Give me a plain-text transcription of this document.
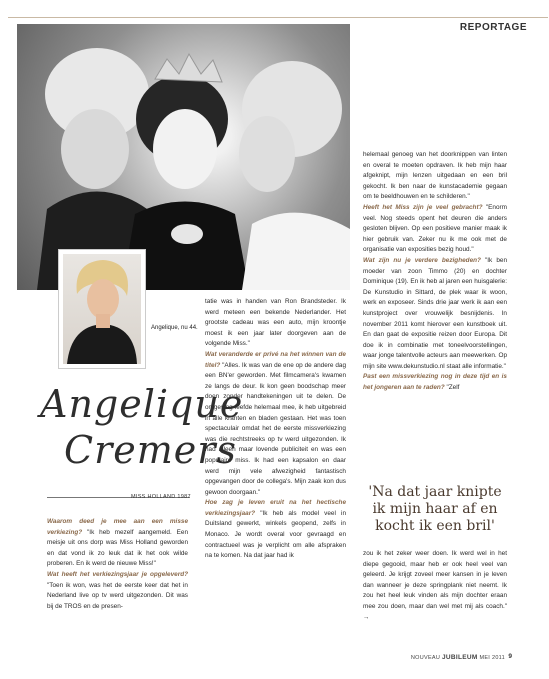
REPORTAGE
Angelique, nu 44.
Angelique
Cremers
MISS HOLLAND 1987
Waarom deed je mee aan een misse verkiezing? "Ik heb mezelf aangemeld. Een meisje uit ons dorp was Miss Holland geworden en dat vond ik zo leuk dat ik het ook wilde proberen. En ik werd de nieuwe Miss!"
Wat heeft het verkiezingsjaar je opgeleverd? "Toen ik won, was het de eerste keer dat het in Nederland live op tv werd uitgezonden. Dit was bij de TROS en de presen-
tatie was in handen van Ron Brandsteder. Ik werd meteen een bekende Nederlander. Het grootste cadeau was een auto, mijn kroontje moest ik een jaar later doorgeven aan de volgende Miss."
Wat veranderde er privé na het winnen van de titel? "Alles. Ik was van de ene op de andere dag een BN'er geworden. Met filmcamera's kwamen ze langs de deur. Ik kon geen boodschap meer doen zonder handtekeningen uit te delen. De omgeving leefde helemaal mee, ik heb uitgebreid in alle kranten en bladen gestaan. Het was toen spectaculair omdat het de eerste missverkiezing was die rechtstreeks op tv werd uitgezonden. Ik had alleen maar lovende publiciteit en was een populaire miss. Ik had een kapsalon en daar werd mijn vele afwezigheid fantastisch opgevangen door de collega's. Mijn zaak kon dus gewoon doorgaan."
Hoe zag je leven eruit na het hectische verkiezingsjaar? "Ik heb als model veel in Duitsland gewerkt, winkels geopend, zelfs in Monaco. Je wordt overal voor gevraagd en contractueel was je verplicht om alle afspraken na te komen. Na dat jaar had ik
helemaal genoeg van het doorknippen van linten en overal te moeten opdraven. Ik heb mijn haar afgeknipt, mijn lenzen uitgedaan en een bril gekocht. Ik ben naar de kunstacademie gegaan om te beeldhouwen en te schilderen."
Heeft het Miss zijn je veel gebracht? "Enorm veel. Nog steeds opent het deuren die anders gesloten blijven. Op een positieve manier maak ik hier gebruik van. Zeker nu ik me ook met de organisatie van exposities bezig houd."
Wat zijn nu je verdere bezigheden? "Ik ben moeder van zoon Timmo (20) en dochter Dominique (19). En ik heb al jaren een huisgalerie: De Kunstudio in Sittard, de plek waar ik woon, werk en exposeer. Sinds drie jaar werk ik aan een kunstproject over vrouwelijk besnijdenis. In november 2011 komt hierover een kunstboek uit. En dan gaat de expositie reizen door Europa. Dit doe ik in combinatie met toneelvoorstellingen, waar jonge talentvolle acteurs aan meewerken. Op mijn site www.dekunstudio.nl staat alle informatie."
Past een missverkiezing nog in deze tijd en is het jongeren aan te raden? "Zelf
'Na dat jaar knipte ik mijn haar af en kocht ik een bril'
zou ik het zeker weer doen. Ik werd wel in het diepe gegooid, maar heb er ook heel veel van geleerd. Je krijgt zoveel meer kansen in je leven dan wanneer je deze springplank niet neemt. Ik zou het heel leuk vinden als mijn dochter eraan mee zou doen, maar dan wel met mij als coach." →
NOUVEAU JUBILEUM MEI 2011 9
